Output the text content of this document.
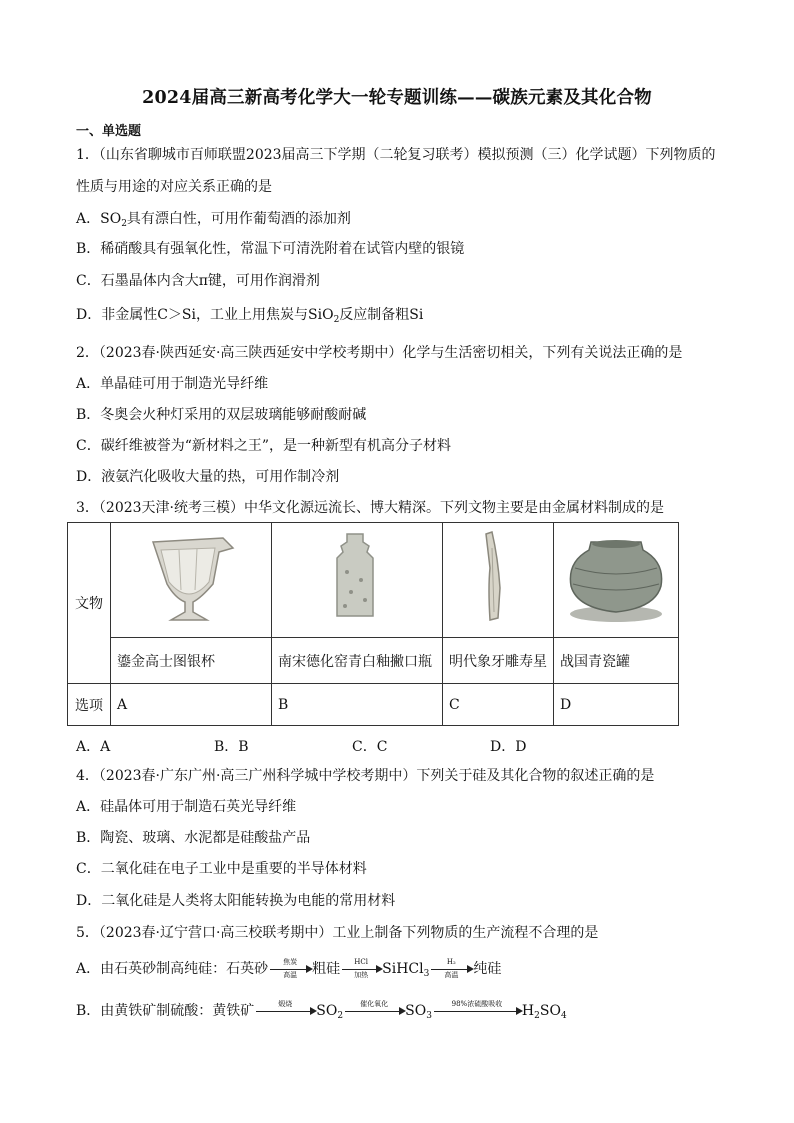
2024届高三新高考化学大一轮专题训练——碳族元素及其化合物
一、单选题
1．（山东省聊城市百师联盟2023届高三下学期（二轮复习联考）模拟预测（三）化学试题）下列物质的
性质与用途的对应关系正确的是
A．$SO_2$具有漂白性，可用作葡萄酒的添加剂
B．稀硝酸具有强氧化性，常温下可清洗附着在试管内壁的银镜
C．石墨晶体内含大π键，可用作润滑剂
D．非金属性C＞Si，工业上用焦炭与SiO$_2$反应制备粗Si
2．（2023春·陕西延安·高三陕西延安中学校考期中）化学与生活密切相关，下列有关说法正确的是
A．单晶硅可用于制造光导纤维
B．冬奥会火种灯采用的双层玻璃能够耐酸耐碱
C．碳纤维被誉为“新材料之王”，是一种新型有机高分子材料
D．液氨汽化吸收大量的热，可用作制冷剂
3．（2023天津·统考三模）中华文化源远流长、博大精深。下列文物主要是由金属材料制成的是
文物				
	鎏金高士图银杯	南宋德化窑青白釉撇口瓶	明代象牙雕寿星	战国青瓷罐
选项	A	B	C	D
A．A	B．B	C．C	D．D
4．（2023春·广东广州·高三广州科学城中学校考期中）下列关于硅及其化合物的叙述正确的是
A．硅晶体可用于制造石英光导纤维
B．陶瓷、玻璃、水泥都是硅酸盐产品
C．二氧化硅在电子工业中是重要的半导体材料
D．二氧化硅是人类将太阳能转换为电能的常用材料
5．（2023春·辽宁营口·高三校联考期中）工业上制备下列物质的生产流程不合理的是
A．由石英砂制高纯硅：石英砂	焦炭
高温	粗硅	HCl
加热	SiHCl$_3$
H₂
高温	纯硅
B．由黄铁矿制硫酸：黄铁矿	煅烧	$SO_2$
催化氧化	$SO_3$
98%浓硫酸吸收	$H_2SO_4$
